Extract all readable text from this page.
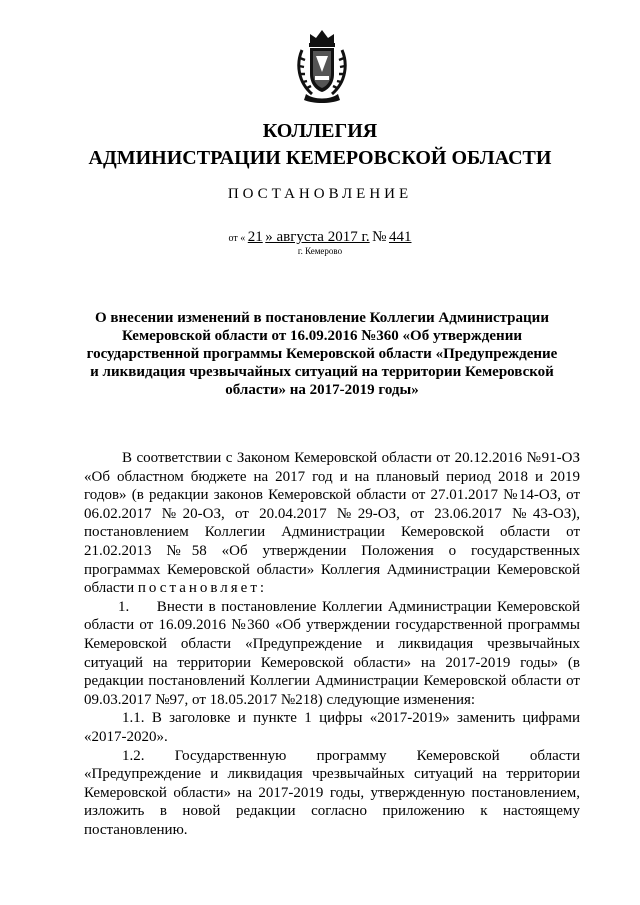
КОЛЛЕГИЯ
АДМИНИСТРАЦИИ КЕМЕРОВСКОЙ ОБЛАСТИ
ПОСТАНОВЛЕНИЕ
от « 21 » августа 2017 г. № 441
г. Кемерово
О внесении изменений в постановление Коллегии Администрации Кемеровской области от 16.09.2016 №360 «Об утверждении государственной программы Кемеровской области «Предупреждение и ликвидация чрезвычайных ситуаций на территории Кемеровской области» на 2017-2019 годы»

В соответствии с Законом Кемеровской области от 20.12.2016 №91-ОЗ «Об областном бюджете на 2017 год и на плановый период 2018 и 2019 годов» (в редакции законов Кемеровской области от 27.01.2017 №14-ОЗ, от 06.02.2017 №20-ОЗ, от 20.04.2017 №29-ОЗ, от 23.06.2017 №43-ОЗ), постановлением Коллегии Администрации Кемеровской области от 21.02.2013 №58 «Об утверждении Положения о государственных программах Кемеровской области» Коллегия Администрации Кемеровской области постановляет:

1.     Внести в постановление Коллегии Администрации Кемеровской области от 16.09.2016 №360 «Об утверждении государственной программы Кемеровской области «Предупреждение и ликвидация чрезвычайных ситуаций на территории Кемеровской области» на 2017-2019 годы» (в редакции постановлений Коллегии Администрации Кемеровской области от 09.03.2017 №97, от 18.05.2017 №218) следующие изменения:

1.1. В заголовке и пункте 1 цифры «2017-2019» заменить цифрами «2017-2020».

1.2. Государственную программу Кемеровской области «Предупреждение и ликвидация чрезвычайных ситуаций на территории Кемеровской области» на 2017-2019 годы, утвержденную постановлением, изложить в новой редакции согласно приложению к настоящему постановлению.
